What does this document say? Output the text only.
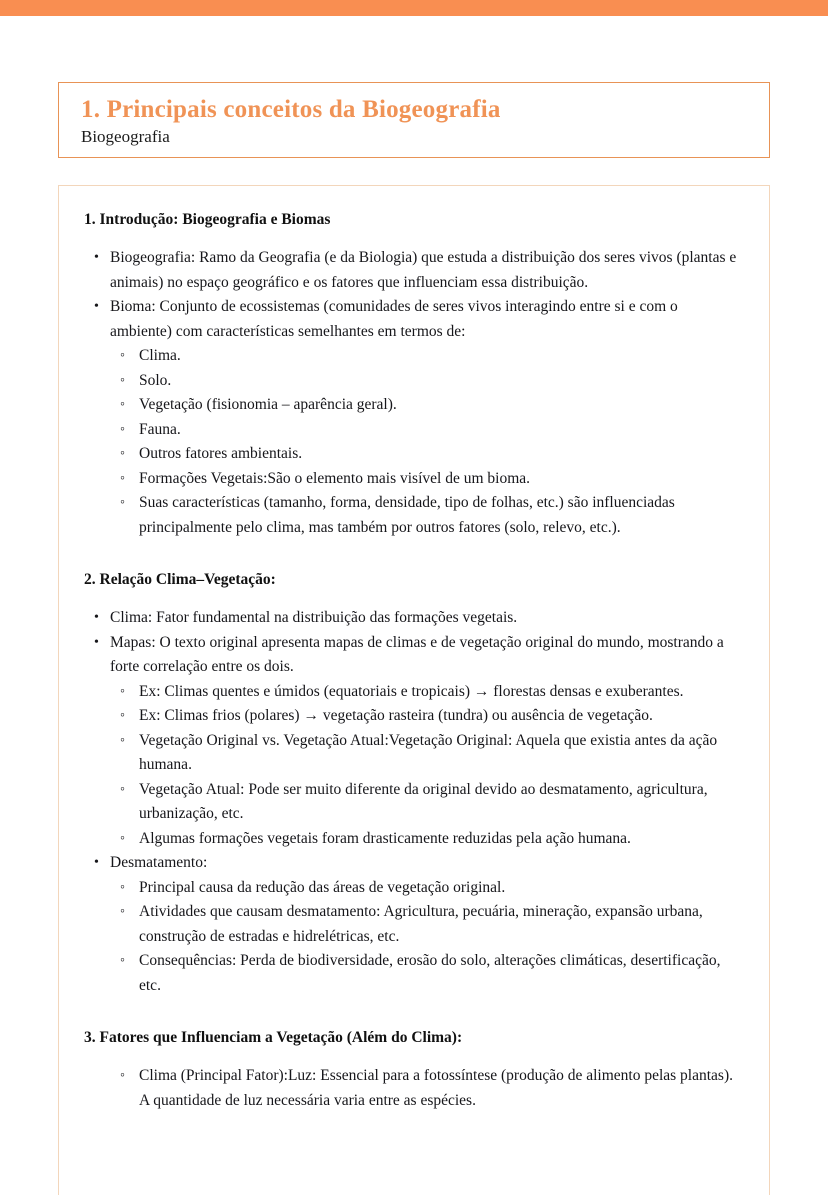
1. Principais conceitos da Biogeografia
Biogeografia
1. Introdução: Biogeografia e Biomas
• Biogeografia: Ramo da Geografia (e da Biologia) que estuda a distribuição dos seres vivos (plantas e animais) no espaço geográfico e os fatores que influenciam essa distribuição.
• Bioma: Conjunto de ecossistemas (comunidades de seres vivos interagindo entre si e com o ambiente) com características semelhantes em termos de:
◦ Clima.
◦ Solo.
◦ Vegetação (fisionomia – aparência geral).
◦ Fauna.
◦ Outros fatores ambientais.
◦ Formações Vegetais:São o elemento mais visível de um bioma.
◦ Suas características (tamanho, forma, densidade, tipo de folhas, etc.) são influenciadas principalmente pelo clima, mas também por outros fatores (solo, relevo, etc.).
2. Relação Clima–Vegetação:
• Clima: Fator fundamental na distribuição das formações vegetais.
• Mapas: O texto original apresenta mapas de climas e de vegetação original do mundo, mostrando a forte correlação entre os dois.
◦ Ex: Climas quentes e úmidos (equatoriais e tropicais) → florestas densas e exuberantes.
◦ Ex: Climas frios (polares) → vegetação rasteira (tundra) ou ausência de vegetação.
◦ Vegetação Original vs. Vegetação Atual:Vegetação Original: Aquela que existia antes da ação humana.
◦ Vegetação Atual: Pode ser muito diferente da original devido ao desmatamento, agricultura, urbanização, etc.
◦ Algumas formações vegetais foram drasticamente reduzidas pela ação humana.
• Desmatamento:
◦ Principal causa da redução das áreas de vegetação original.
◦ Atividades que causam desmatamento: Agricultura, pecuária, mineração, expansão urbana, construção de estradas e hidrelétricas, etc.
◦ Consequências: Perda de biodiversidade, erosão do solo, alterações climáticas, desertificação, etc.
3. Fatores que Influenciam a Vegetação (Além do Clima):
◦ Clima (Principal Fator):Luz: Essencial para a fotossíntese (produção de alimento pelas plantas). A quantidade de luz necessária varia entre as espécies.
